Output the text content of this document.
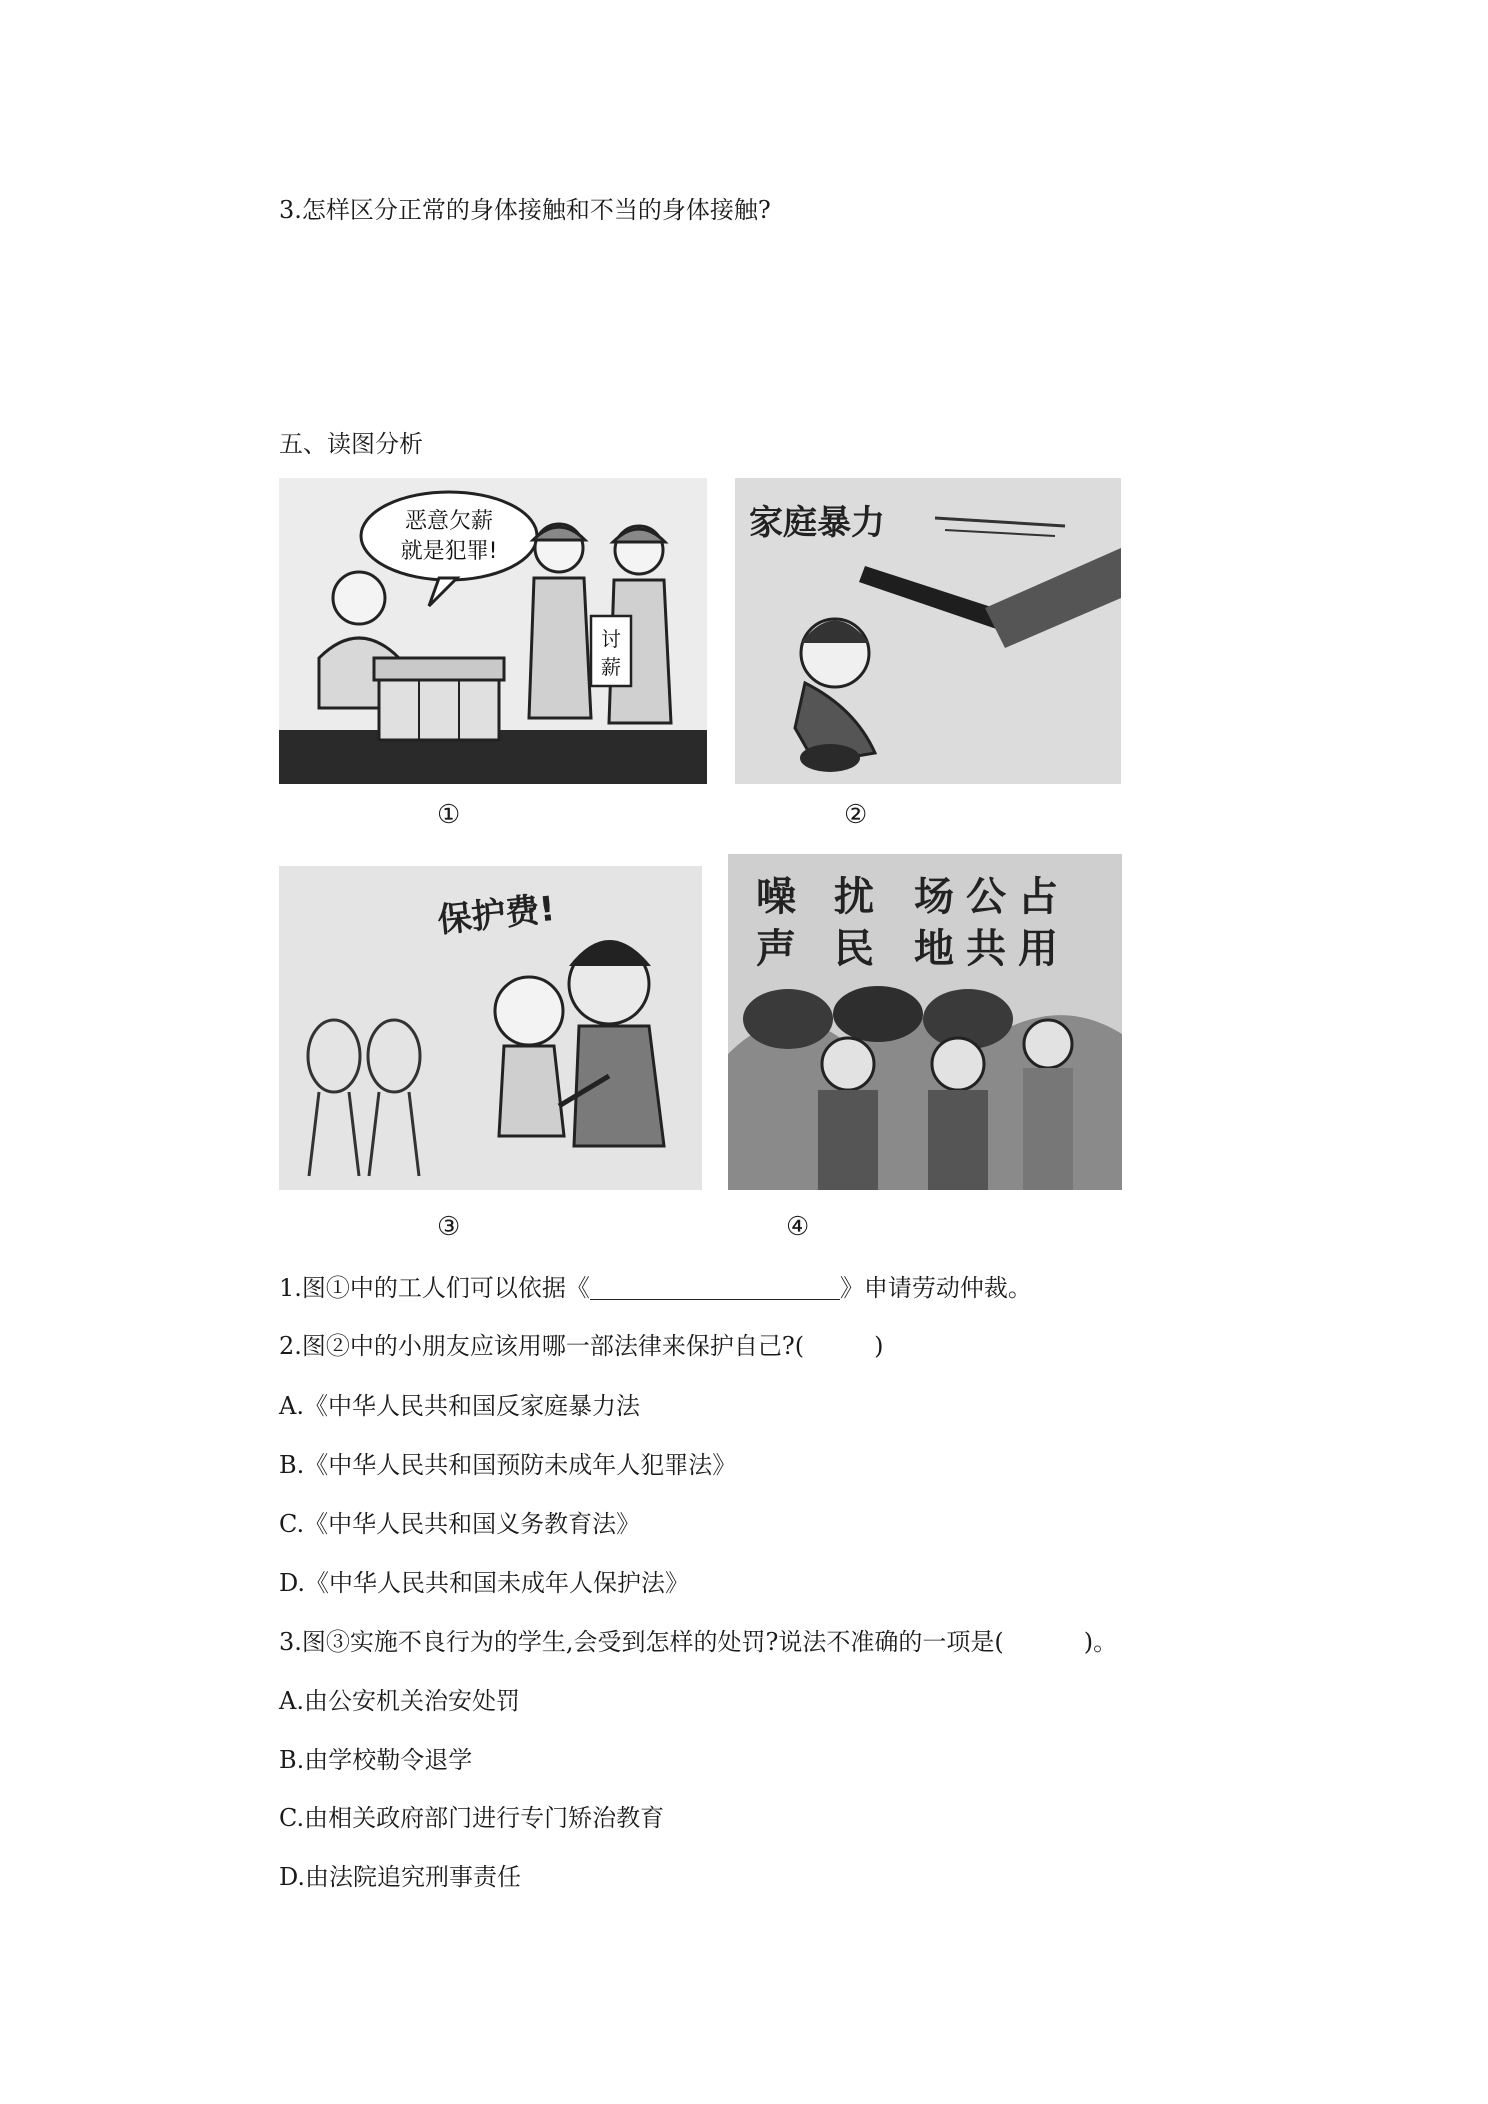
3.怎样区分正常的身体接触和不当的身体接触?
五、读图分析
恶意欠薪
就是犯罪!
讨
薪
①
家庭暴力
②
保护费!
③
噪
声
扰
民
场
地
公
共
占
用
④
1.图①中的工人们可以依据《	》申请劳动仲裁。
2.图②中的小朋友应该用哪一部法律来保护自己?(	)
A.《中华人民共和国反家庭暴力法
B.《中华人民共和国预防未成年人犯罪法》
C.《中华人民共和国义务教育法》
D.《中华人民共和国未成年人保护法》
3.图③实施不良行为的学生,会受到怎样的处罚?说法不准确的一项是(	)。
A.由公安机关治安处罚
B.由学校勒令退学
C.由相关政府部门进行专门矫治教育
D.由法院追究刑事责任
